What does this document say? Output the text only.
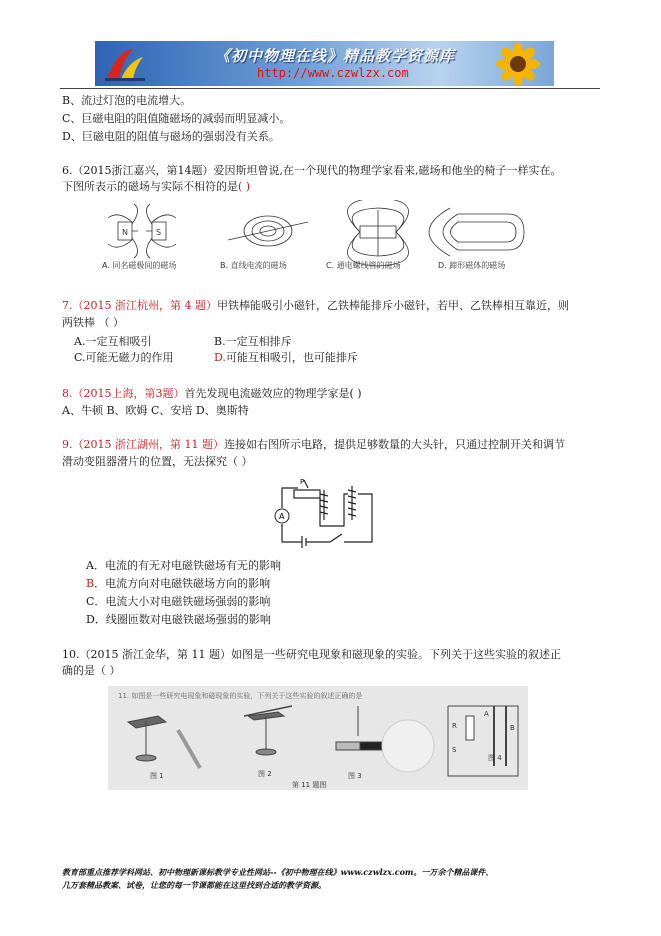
《初中物理在线》精品教学资源库
http://www.czwlzx.com
B、流过灯泡的电流增大。
C、巨磁电阻的阻值随磁场的减弱而明显减小。
D、巨磁电阻的阻值与磁场的强弱没有关系。
6.（2015浙江嘉兴，第14题）爱因斯坦曾说,在一个现代的物理学家看来,磁场和他坐的椅子一样实在。
下图所表示的磁场与实际不相符的是( )
N	S
A. 同名磁极间的磁场	B. 直线电流的磁场	C. 通电螺线管的磁场	D. 蹄形磁体的磁场
7.（2015 浙江杭州，第 4 题）甲铁棒能吸引小磁针，乙铁棒能排斥小磁针，若甲、乙铁棒相互靠近，则
两铁棒 （ ）
A.一定互相吸引	B.一定互相排斥
C.可能无磁力的作用	D.可能互相吸引，也可能排斥
8.（2015上海，第3题）首先发现电流磁效应的物理学家是( )
A、牛顿 B、欧姆 C、安培 D、奥斯特
9.（2015 浙江湖州，第 11 题）连接如右图所示电路，提供足够数量的大头针，只通过控制开关和调节
滑动变阻器滑片的位置，无法探究（ ）
A
P
A．电流的有无对电磁铁磁场有无的影响
B．电流方向对电磁铁磁场方向的影响
C．电流大小对电磁铁磁场强弱的影响
D．线圈匝数对电磁铁磁场强弱的影响
10.（2015 浙江金华，第 11 题）如图是一些研究电现象和磁现象的实验。下列关于这些实验的叙述正
确的是（ ）
11. 如图是一些研究电现象和磁现象的实验，下列关于这些实验的叙述正确的是
图 1	图 2	图 3
图 4
第 11 题图
R
S
A
B
教育部重点推荐学科网站、初中物理新课标教学专业性网站--《初中物理在线》www.czwlzx.com。一万余个精品课件、
几万套精品教案、试卷，让您的每一节课都能在这里找到合适的教学资源。
